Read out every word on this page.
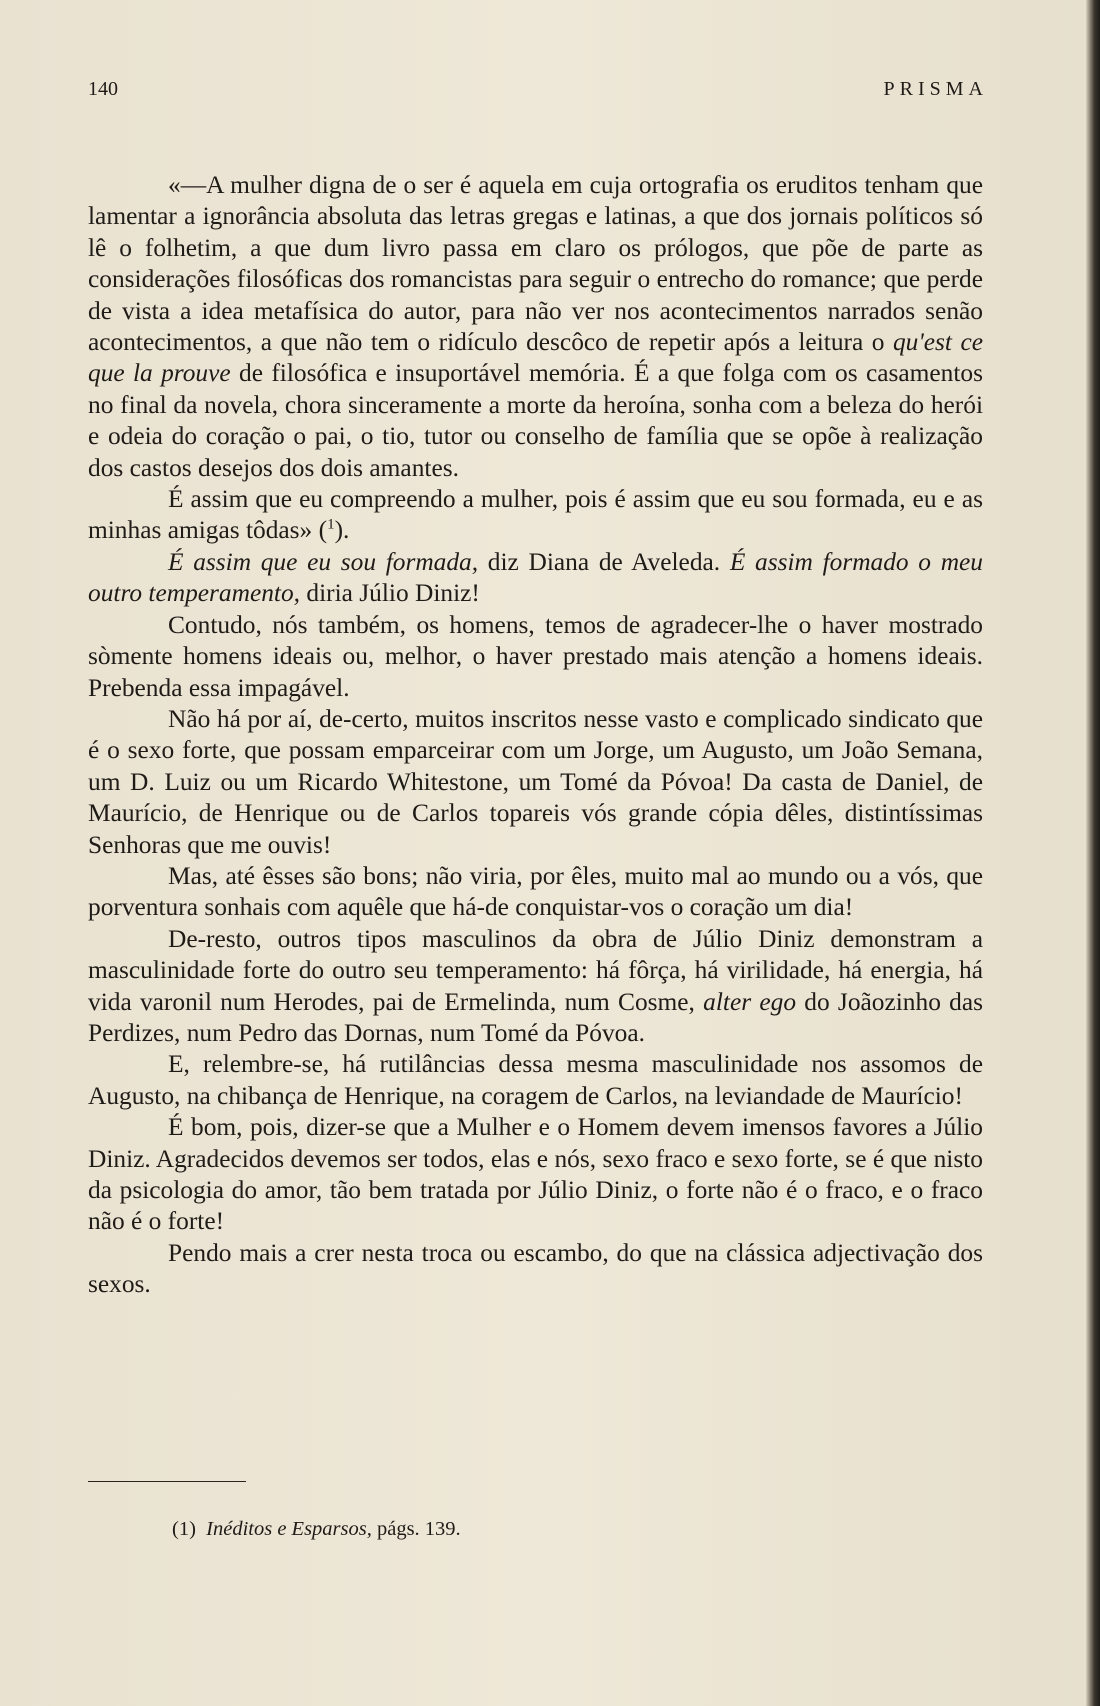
140	PRISMA

«—A mulher digna de o ser é aquela em cuja ortografia os eruditos tenham que lamentar a ignorância absoluta das letras gregas e latinas, a que dos jornais políticos só lê o folhetim, a que dum livro passa em claro os prólogos, que põe de parte as considerações filosóficas dos romancistas para seguir o entrecho do romance; que perde de vista a idea metafísica do autor, para não ver nos acontecimentos narrados senão acontecimentos, a que não tem o ridículo descôco de repetir após a leitura o qu'est ce que la prouve de filosófica e insuportável memória. É a que folga com os casamentos no final da novela, chora sinceramente a morte da heroína, sonha com a beleza do herói e odeia do coração o pai, o tio, tutor ou conselho de família que se opõe à realização dos castos desejos dos dois amantes.

É assim que eu compreendo a mulher, pois é assim que eu sou formada, eu e as minhas amigas tôdas» ($^1$).

É assim que eu sou formada, diz Diana de Aveleda. É assim formado o meu outro temperamento, diria Júlio Diniz!

Contudo, nós também, os homens, temos de agradecer-lhe o haver mostrado sòmente homens ideais ou, melhor, o haver prestado mais atenção a homens ideais. Prebenda essa impagável.

Não há por aí, de-certo, muitos inscritos nesse vasto e complicado sindicato que é o sexo forte, que possam emparceirar com um Jorge, um Augusto, um João Semana, um D. Luiz ou um Ricardo Whitestone, um Tomé da Póvoa! Da casta de Daniel, de Maurício, de Henrique ou de Carlos topareis vós grande cópia dêles, distintíssimas Senhoras que me ouvis!

Mas, até êsses são bons; não viria, por êles, muito mal ao mundo ou a vós, que porventura sonhais com aquêle que há-de conquistar-vos o coração um dia!

De-resto, outros tipos masculinos da obra de Júlio Diniz demonstram a masculinidade forte do outro seu temperamento: há fôrça, há virilidade, há energia, há vida varonil num Herodes, pai de Ermelinda, num Cosme, alter ego do Joãozinho das Perdizes, num Pedro das Dornas, num Tomé da Póvoa.

E, relembre-se, há rutilâncias dessa mesma masculinidade nos assomos de Augusto, na chibança de Henrique, na coragem de Carlos, na leviandade de Maurício!

É bom, pois, dizer-se que a Mulher e o Homem devem imensos favores a Júlio Diniz. Agradecidos devemos ser todos, elas e nós, sexo fraco e sexo forte, se é que nisto da psicologia do amor, tão bem tratada por Júlio Diniz, o forte não é o fraco, e o fraco não é o forte!

Pendo mais a crer nesta troca ou escambo, do que na clássica adjectivação dos sexos.

(1) Inéditos e Esparsos, págs. 139.
